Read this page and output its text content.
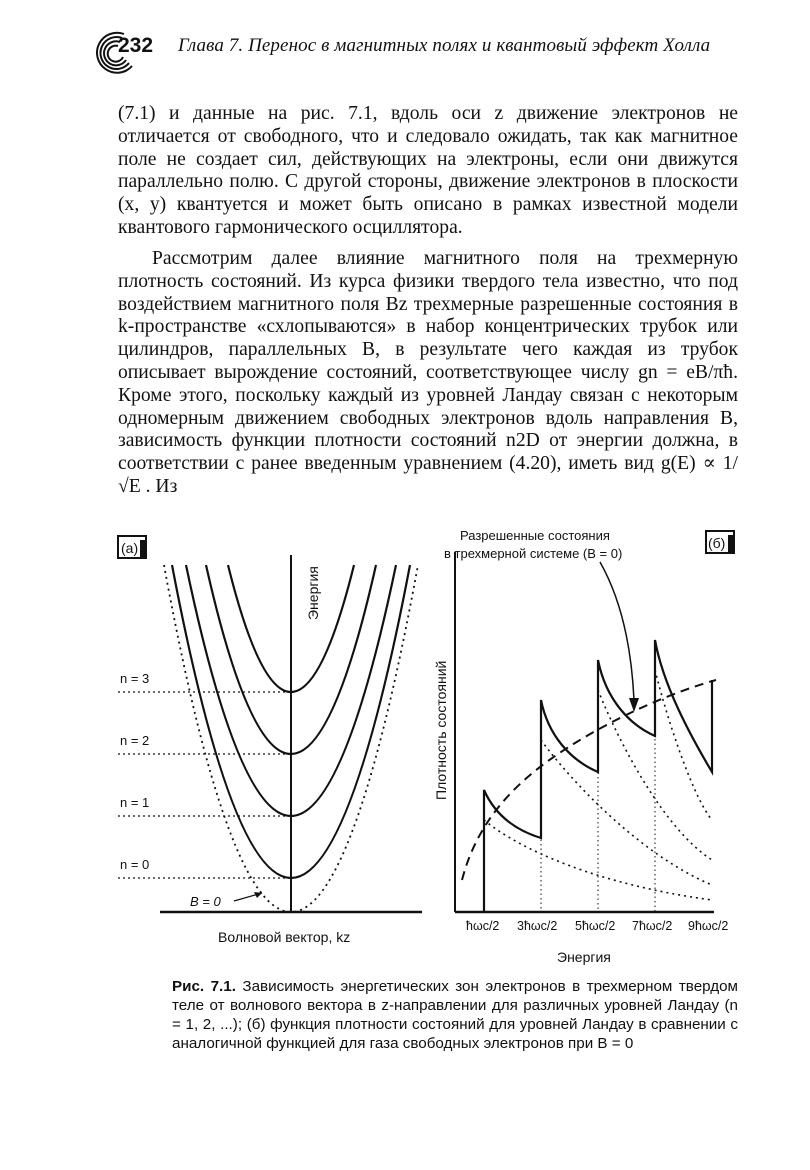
232 Глава 7. Перенос в магнитных полях и квантовый эффект Холла
(7.1) и данные на рис. 7.1, вдоль оси z движение электронов не отличается от свободного, что и следовало ожидать, так как магнитное поле не создает сил, действующих на электроны, если они движутся параллельно полю. С другой стороны, движение электронов в плоскости (x, y) квантуется и может быть описано в рамках известной модели квантового гармонического осциллятора.
Рассмотрим далее влияние магнитного поля на трехмерную плотность состояний. Из курса физики твердого тела известно, что под воздействием магнитного поля Bz трехмерные разрешенные состояния в k-пространстве «схлопываются» в набор концентрических трубок или цилиндров, параллельных B, в результате чего каждая из трубок описывает вырождение состояний, соответствующее числу gn = eB/πħ. Кроме этого, поскольку каждый из уровней Ландау связан с некоторым одномерным движением свободных электронов вдоль направления B, зависимость функции плотности состояний n2D от энергии должна, в соответствии с ранее введенным уравнением (4.20), иметь вид g(E) ∝ 1/√E . Из
(а)
Энергия
Волновой вектор, kz
n = 0
n = 1
n = 2
n = 3
B = 0
(б)
Разрешенные состояния
в трехмерной системе (B = 0)
Плотность состояний
Энергия
ħωc/2 3ħωc/2 5ħωc/2 7ħωc/2 9ħωc/2
Рис. 7.1. Зависимость энергетических зон электронов в трехмерном твердом теле от волнового вектора в z-направлении для различных уровней Ландау (n = 1, 2, ...); (б) функция плотности состояний для уровней Ландау в сравнении с аналогичной функцией для газа свободных электронов при B = 0
